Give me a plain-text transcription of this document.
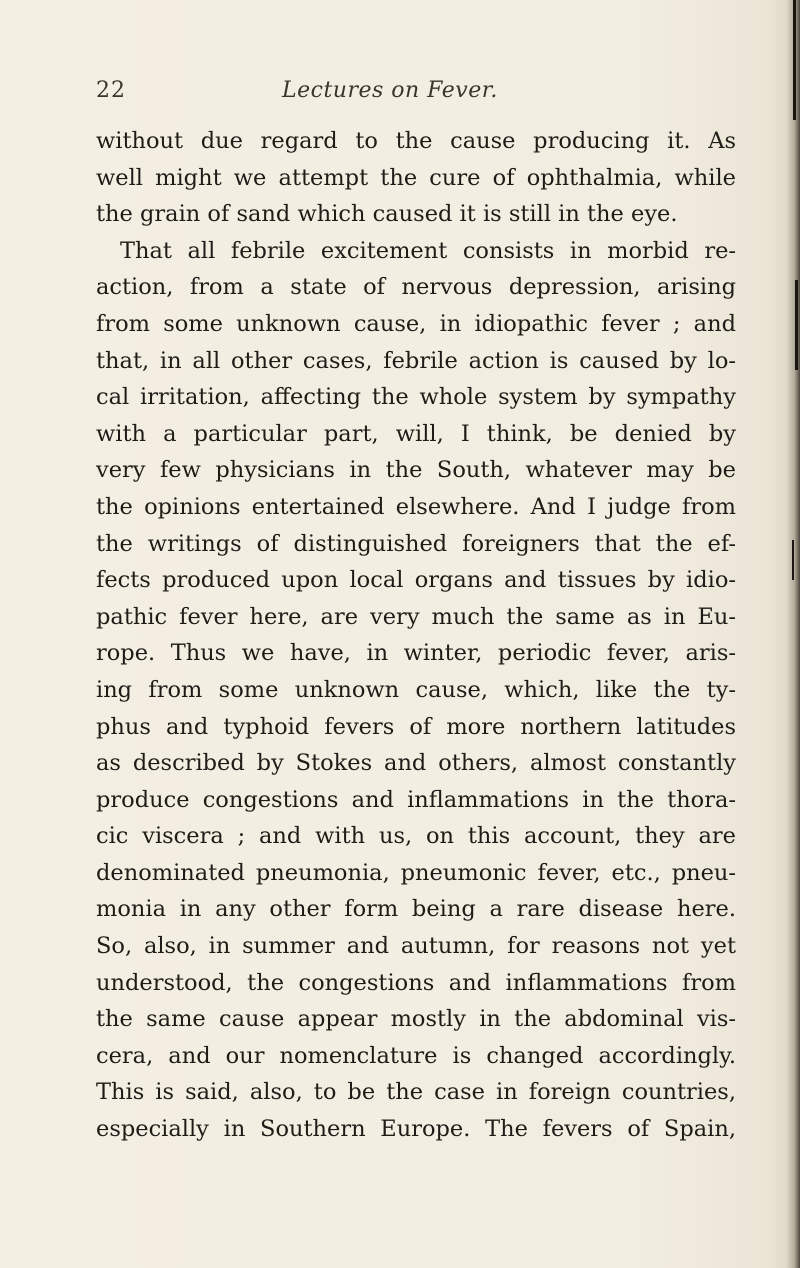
22	Lectures on Fever.
without due regard to the cause producing it. As
well might we attempt the cure of ophthalmia, while
the grain of sand which caused it is still in the eye.
That all febrile excitement consists in morbid re-
action, from a state of nervous depression, arising
from some unknown cause, in idiopathic fever ; and
that, in all other cases, febrile action is caused by lo-
cal irritation, affecting the whole system by sympathy
with a particular part, will, I think, be denied by
very few physicians in the South, whatever may be
the opinions entertained elsewhere. And I judge from
the writings of distinguished foreigners that the ef-
fects produced upon local organs and tissues by idio-
pathic fever here, are very much the same as in Eu-
rope. Thus we have, in winter, periodic fever, aris-
ing from some unknown cause, which, like the ty-
phus and typhoid fevers of more northern latitudes
as described by Stokes and others, almost constantly
produce congestions and inflammations in the thora-
cic viscera ; and with us, on this account, they are
denominated pneumonia, pneumonic fever, etc., pneu-
monia in any other form being a rare disease here.
So, also, in summer and autumn, for reasons not yet
understood, the congestions and inflammations from
the same cause appear mostly in the abdominal vis-
cera, and our nomenclature is changed accordingly.
This is said, also, to be the case in foreign countries,
especially in Southern Europe. The fevers of Spain,
